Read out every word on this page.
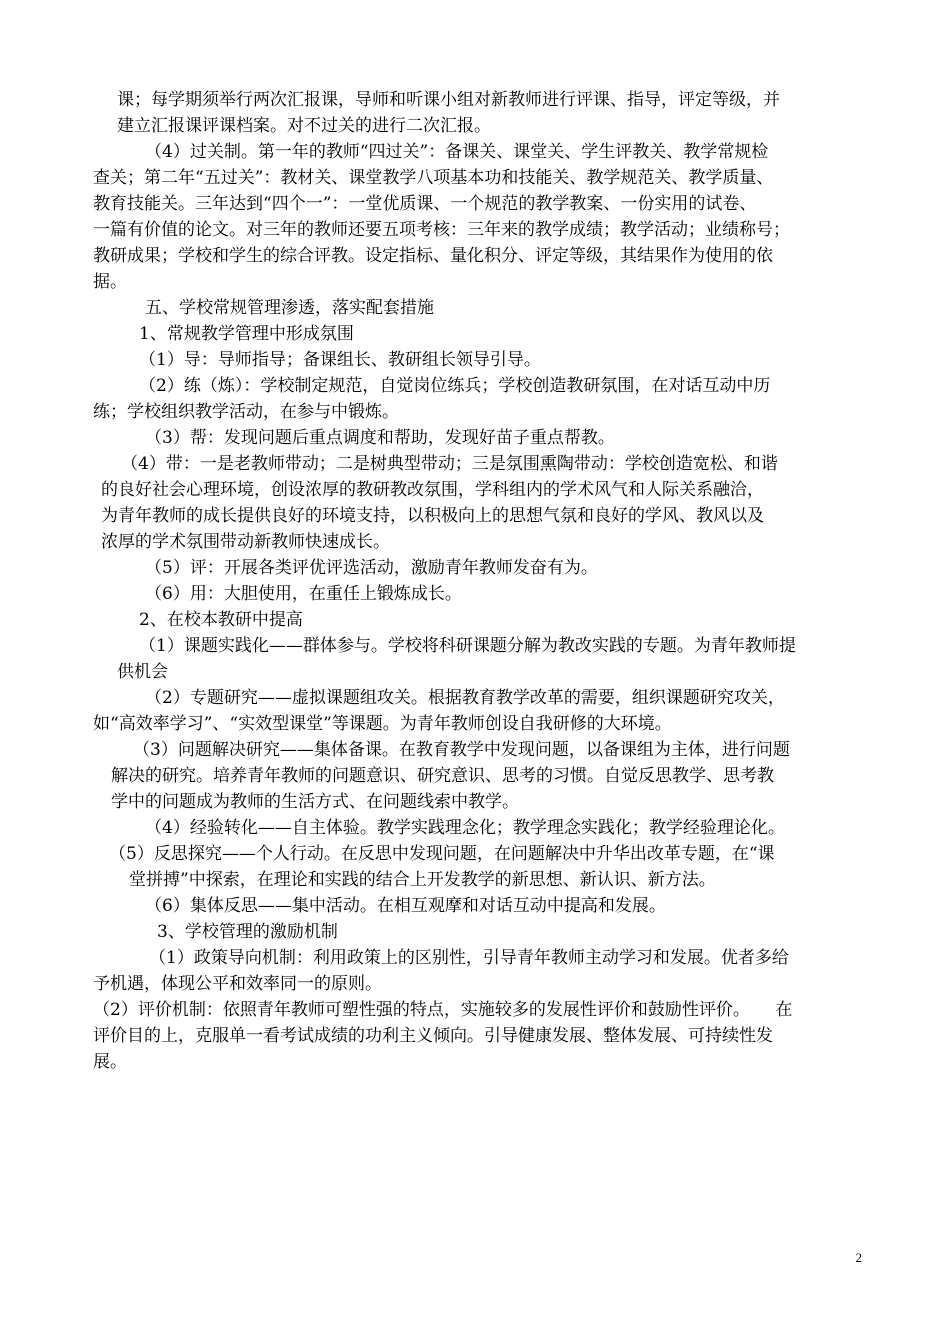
课；每学期须举行两次汇报课，导师和听课小组对新教师进行评课、指导，评定等级，并
建立汇报课评课档案。对不过关的进行二次汇报。
（4）过关制。第一年的教师“四过关”：备课关、课堂关、学生评教关、教学常规检
查关；第二年“五过关”：教材关、课堂教学八项基本功和技能关、教学规范关、教学质量、
教育技能关。三年达到“四个一”：一堂优质课、一个规范的教学教案、一份实用的试卷、
一篇有价值的论文。对三年的教师还要五项考核：三年来的教学成绩；教学活动；业绩称号；
教研成果；学校和学生的综合评教。设定指标、量化积分、评定等级，其结果作为使用的依
据。
五、学校常规管理渗透，落实配套措施
1、常规教学管理中形成氛围
（1）导：导师指导；备课组长、教研组长领导引导。
（2）练（炼）：学校制定规范，自觉岗位练兵；学校创造教研氛围，在对话互动中历
练；学校组织教学活动，在参与中锻炼。
（3）帮：发现问题后重点调度和帮助，发现好苗子重点帮教。
（4）带：一是老教师带动；二是树典型带动；三是氛围熏陶带动：学校创造宽松、和谐
的良好社会心理环境，创设浓厚的教研教改氛围，学科组内的学术风气和人际关系融洽，
为青年教师的成长提供良好的环境支持，以积极向上的思想气氛和良好的学风、教风以及
浓厚的学术氛围带动新教师快速成长。
（5）评：开展各类评优评选活动，激励青年教师发奋有为。
（6）用：大胆使用，在重任上锻炼成长。
2、在校本教研中提高
（1）课题实践化——群体参与。学校将科研课题分解为教改实践的专题。为青年教师提
供机会
（2）专题研究——虚拟课题组攻关。根据教育教学改革的需要，组织课题研究攻关，
如“高效率学习”、“实效型课堂”等课题。为青年教师创设自我研修的大环境。
（3）问题解决研究——集体备课。在教育教学中发现问题，以备课组为主体，进行问题
解决的研究。培养青年教师的问题意识、研究意识、思考的习惯。自觉反思教学、思考教
学中的问题成为教师的生活方式、在问题线索中教学。
（4）经验转化——自主体验。教学实践理念化；教学理念实践化；教学经验理论化。
（5）反思探究——个人行动。在反思中发现问题，在问题解决中升华出改革专题，在“课
堂拼搏”中探索，在理论和实践的结合上开发教学的新思想、新认识、新方法。
（6）集体反思——集中活动。在相互观摩和对话互动中提高和发展。
3、学校管理的激励机制
（1）政策导向机制：利用政策上的区别性，引导青年教师主动学习和发展。优者多给
予机遇，体现公平和效率同一的原则。
（2）评价机制：依照青年教师可塑性强的特点，实施较多的发展性评价和鼓励性评价。　　在
评价目的上，克服单一看考试成绩的功利主义倾向。引导健康发展、整体发展、可持续性发
展。
2
